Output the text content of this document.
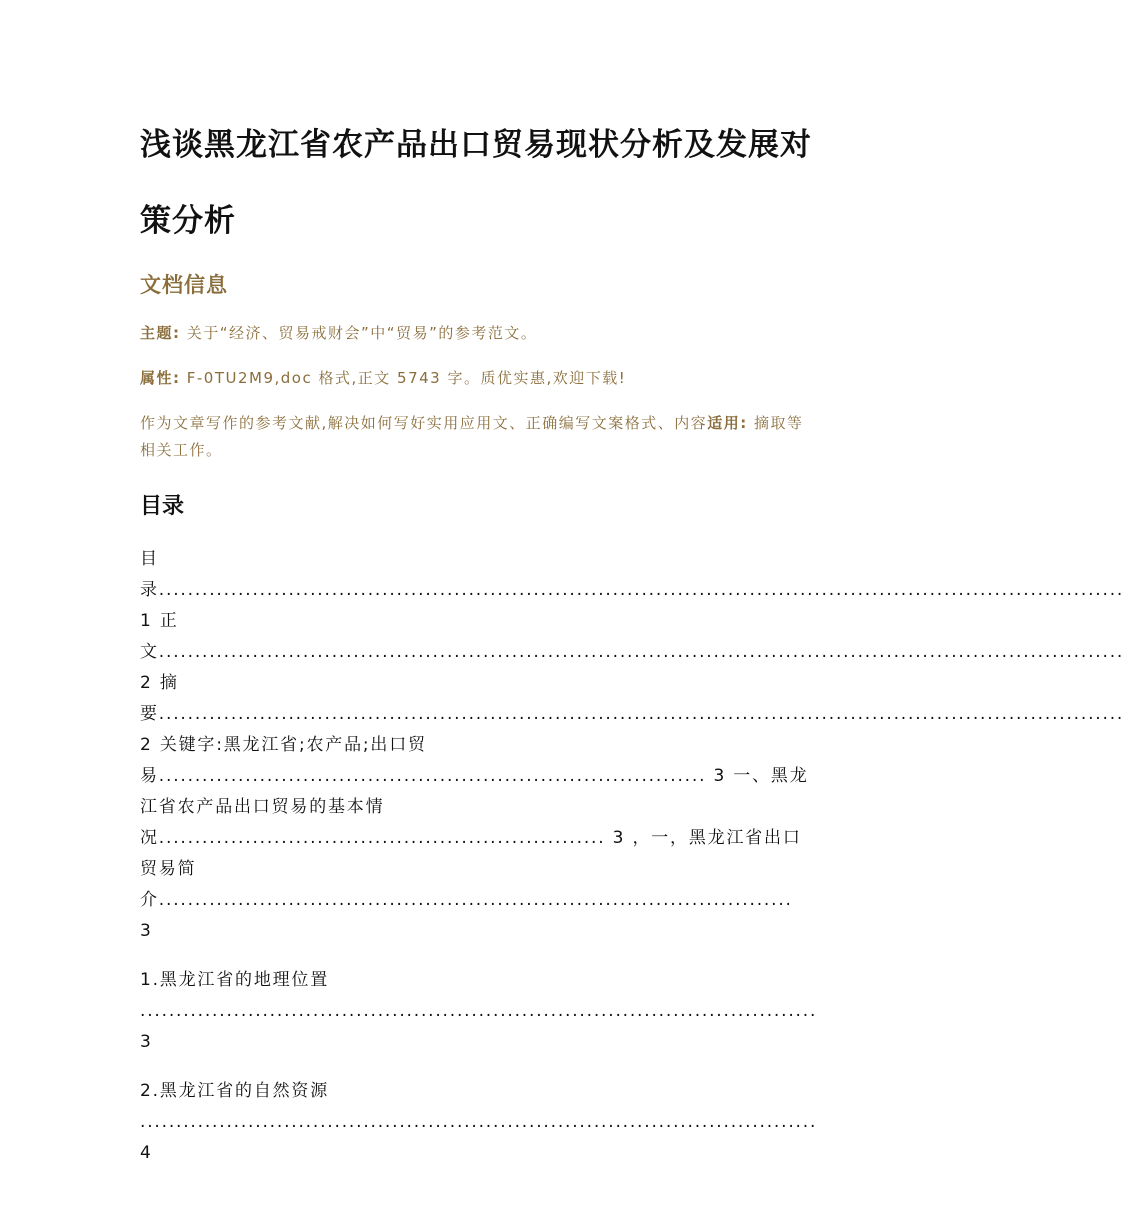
浅谈黑龙江省农产品出口贸易现状分析及发展对
策分析
文档信息

主题: 关于“经济、贸易戒财会”中“贸易”的参考范文。

属性: F-0TU2M9,doc 格式,正文 5743 字。质优实惠,欢迎下载!

作为文章写作的参考文献,解决如何写好实用应用文、正确编写文案格式、内容适用: 摘取等相关工作。

目录

目录......................................................................................................................................1 正文......................................................................................................................................2 摘要......................................................................................................................................2 关键字:黑龙江省;农产品;出口贸易............................................................................ 3 一、黑龙江省农产品出口贸易的基本情况.............................................................. 3 ，一，黑龙江省出口贸易简介........................................................................................ 3

1.黑龙江省的地理位置

.............................................................................................. 3

2.黑龙江省的自然资源

.............................................................................................. 4
